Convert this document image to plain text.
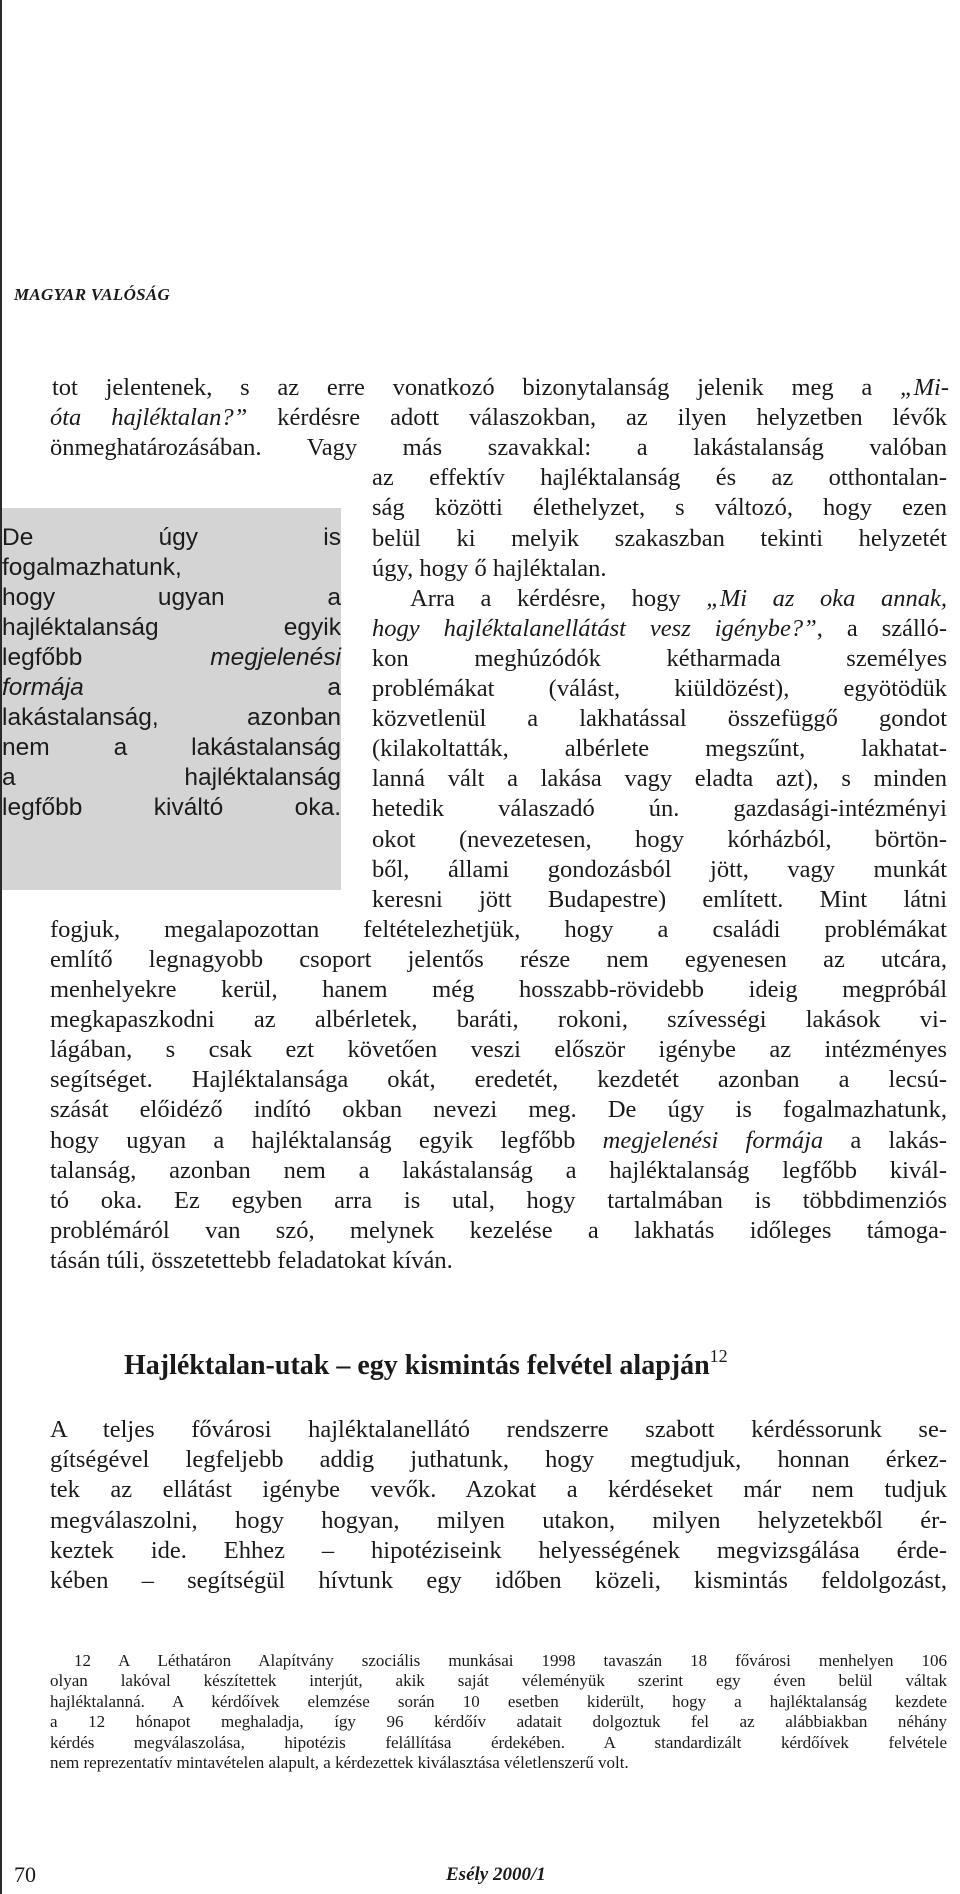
MAGYAR VALÓSÁG
De úgy is
fogalmazhatunk,
hogy ugyan a
hajléktalanság egyik
legfőbb megjelenési
formája a
lakástalanság, azonban
nem a lakástalanság
a hajléktalanság
legfőbb kiváltó oka.
tot jelentenek, s az erre vonatkozó bizonytalanság jelenik meg a „Mi-
óta hajléktalan?” kérdésre adott válaszokban, az ilyen helyzetben lévők
önmeghatározásában. Vagy más szavakkal: a lakástalanság valóban
az effektív hajléktalanság és az otthontalan-
ság közötti élethelyzet, s változó, hogy ezen
belül ki melyik szakaszban tekinti helyzetét
úgy, hogy ő hajléktalan.
Arra a kérdésre, hogy „Mi az oka annak,
hogy hajléktalanellátást vesz igénybe?”, a szálló-
kon meghúzódók kétharmada személyes
problémákat (válást, kiüldözést), egyötödük
közvetlenül a lakhatással összefüggő gondot
(kilakoltatták, albérlete megszűnt, lakhatat-
lanná vált a lakása vagy eladta azt), s minden
hetedik válaszadó ún. gazdasági-intézményi
okot (nevezetesen, hogy kórházból, börtön-
ből, állami gondozásból jött, vagy munkát
keresni jött Budapestre) említett. Mint látni
fogjuk, megalapozottan feltételezhetjük, hogy a családi problémákat
említő legnagyobb csoport jelentős része nem egyenesen az utcára,
menhelyekre kerül, hanem még hosszabb-rövidebb ideig megpróbál
megkapaszkodni az albérletek, baráti, rokoni, szívességi lakások vi-
lágában, s csak ezt követően veszi először igénybe az intézményes
segítséget. Hajléktalansága okát, eredetét, kezdetét azonban a lecsú-
szását előidéző indító okban nevezi meg. De úgy is fogalmazhatunk,
hogy ugyan a hajléktalanság egyik legfőbb megjelenési formája a lakás-
talanság, azonban nem a lakástalanság a hajléktalanság legfőbb kivál-
tó oka. Ez egyben arra is utal, hogy tartalmában is többdimenziós
problémáról van szó, melynek kezelése a lakhatás időleges támoga-
tásán túli, összetettebb feladatokat kíván.
Hajléktalan-utak – egy kismintás felvétel alapján$^{12}$
A teljes fővárosi hajléktalanellátó rendszerre szabott kérdéssorunk se-
gítségével legfeljebb addig juthatunk, hogy megtudjuk, honnan érkez-
tek az ellátást igénybe vevők. Azokat a kérdéseket már nem tudjuk
megválaszolni, hogy hogyan, milyen utakon, milyen helyzetekből ér-
keztek ide. Ehhez – hipotéziseink helyességének megvizsgálása érde-
kében – segítségül hívtunk egy időben közeli, kismintás feldolgozást,
12 A Léthatáron Alapítvány szociális munkásai 1998 tavaszán 18 fővárosi menhelyen 106
olyan lakóval készítettek interjút, akik saját véleményük szerint egy éven belül váltak
hajléktalanná. A kérdőívek elemzése során 10 esetben kiderült, hogy a hajléktalanság kezdete
a 12 hónapot meghaladja, így 96 kérdőív adatait dolgoztuk fel az alábbiakban néhány
kérdés megválaszolása, hipotézis felállítása érdekében. A standardizált kérdőívek felvétele
nem reprezentatív mintavételen alapult, a kérdezettek kiválasztása véletlenszerű volt.
70	Esély 2000/1
